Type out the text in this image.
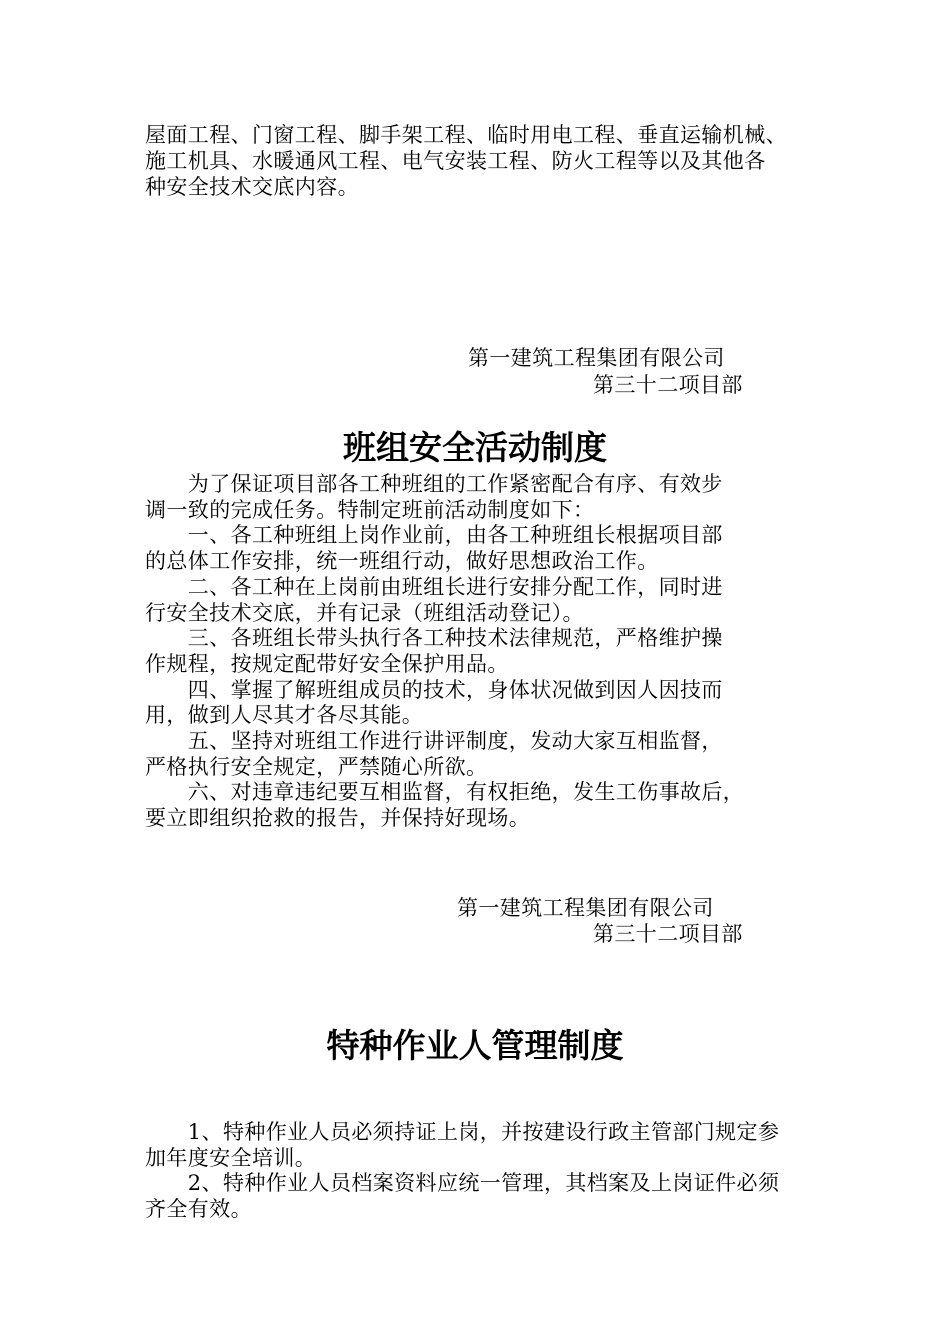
屋面工程、门窗工程、脚手架工程、临时用电工程、垂直运输机械、
施工机具、水暖通风工程、电气安装工程、防火工程等以及其他各
种安全技术交底内容。

第一建筑工程集团有限公司

第三十二项目部

班组安全活动制度

　　为了保证项目部各工种班组的工作紧密配合有序、有效步
调一致的完成任务。特制定班前活动制度如下：
　　一、各工种班组上岗作业前，由各工种班组长根据项目部
的总体工作安排，统一班组行动，做好思想政治工作。
　　二、各工种在上岗前由班组长进行安排分配工作，同时进
行安全技术交底，并有记录（班组活动登记）。
　　三、各班组长带头执行各工种技术法律规范，严格维护操
作规程，按规定配带好安全保护用品。
　　四、掌握了解班组成员的技术，身体状况做到因人因技而
用，做到人尽其才各尽其能。
　　五、坚持对班组工作进行讲评制度，发动大家互相监督，
严格执行安全规定，严禁随心所欲。
　　六、对违章违纪要互相监督，有权拒绝，发生工伤事故后，
要立即组织抢救的报告，并保持好现场。

第一建筑工程集团有限公司

第三十二项目部

特种作业人管理制度

　　1、特种作业人员必须持证上岗，并按建设行政主管部门规定参
加年度安全培训。
　　2、特种作业人员档案资料应统一管理，其档案及上岗证件必须
齐全有效。
